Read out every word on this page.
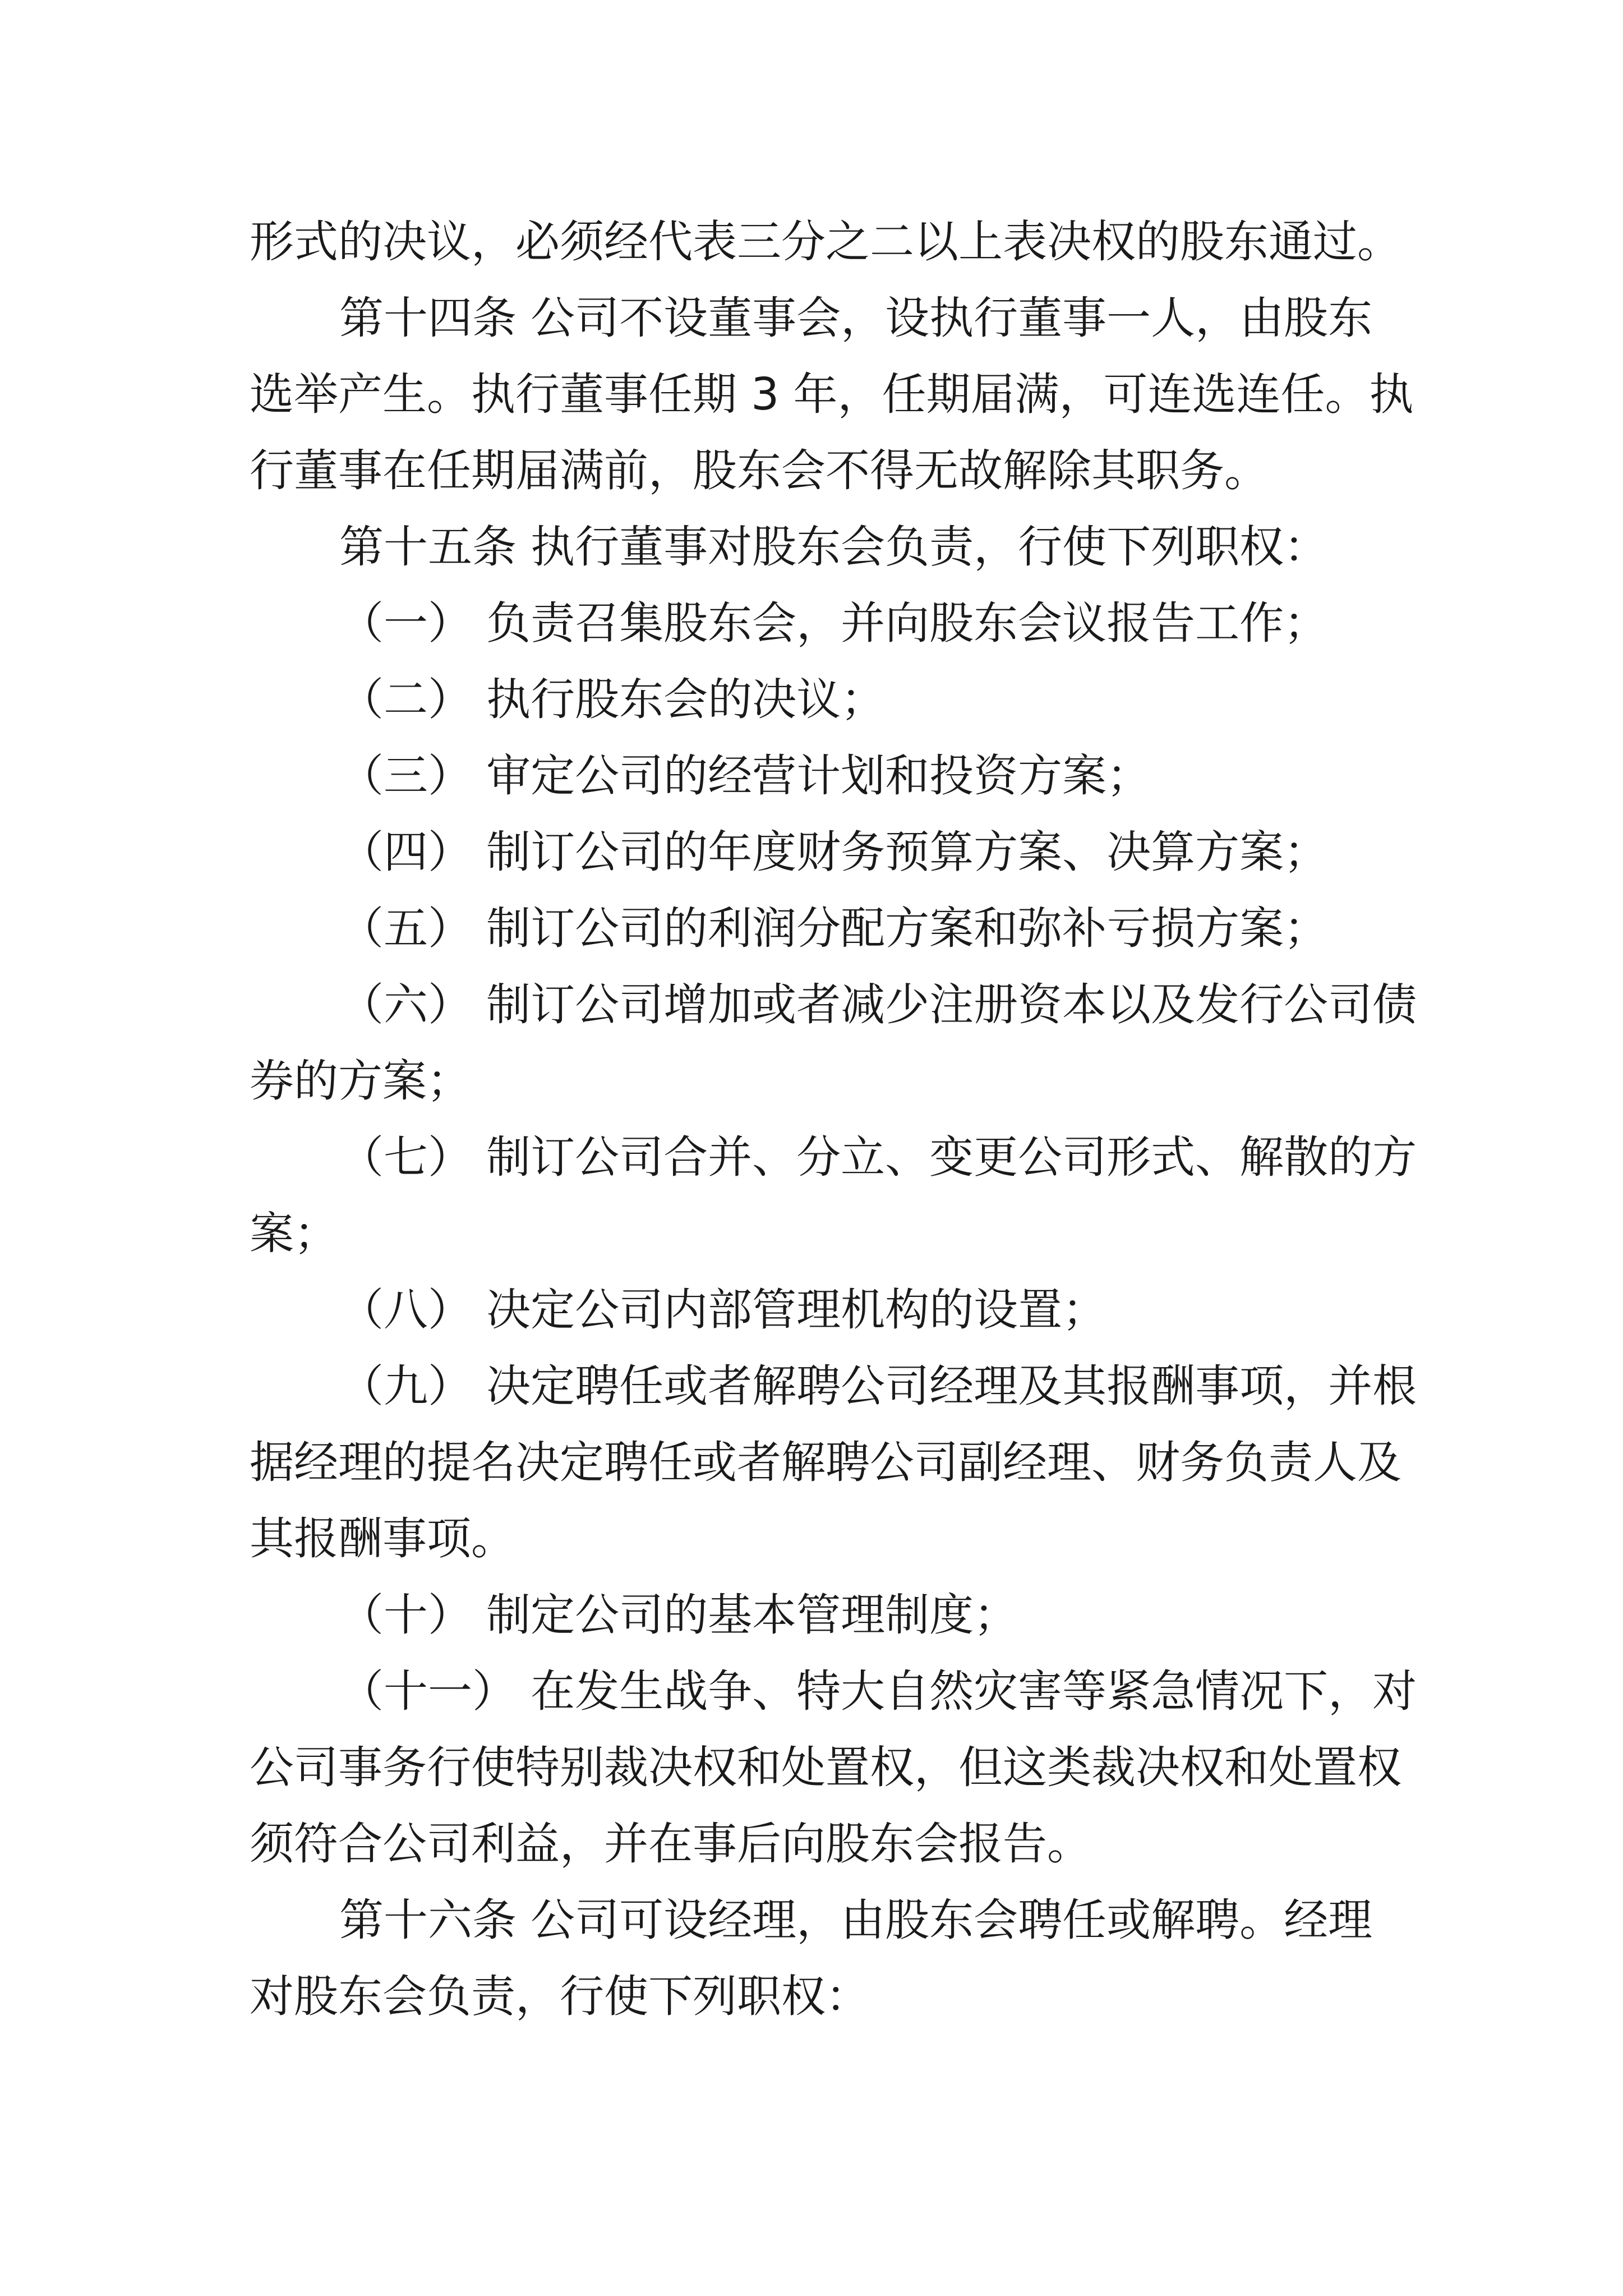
形式的决议，必须经代表三分之二以上表决权的股东通过。
第十四条 公司不设董事会，设执行董事一人，由股东
选举产生。执行董事任期 3 年，任期届满，可连选连任。执
行董事在任期届满前，股东会不得无故解除其职务。
第十五条 执行董事对股东会负责，行使下列职权：
（一） 负责召集股东会，并向股东会议报告工作；
（二） 执行股东会的决议；
（三） 审定公司的经营计划和投资方案；
（四） 制订公司的年度财务预算方案、决算方案；
（五） 制订公司的利润分配方案和弥补亏损方案；
（六） 制订公司增加或者减少注册资本以及发行公司债
券的方案；
（七） 制订公司合并、分立、变更公司形式、解散的方
案；
（八） 决定公司内部管理机构的设置；
（九） 决定聘任或者解聘公司经理及其报酬事项，并根
据经理的提名决定聘任或者解聘公司副经理、财务负责人及
其报酬事项。
（十） 制定公司的基本管理制度；
（十一） 在发生战争、特大自然灾害等紧急情况下，对
公司事务行使特别裁决权和处置权，但这类裁决权和处置权
须符合公司利益，并在事后向股东会报告。
第十六条 公司可设经理，由股东会聘任或解聘。经理
对股东会负责，行使下列职权：
